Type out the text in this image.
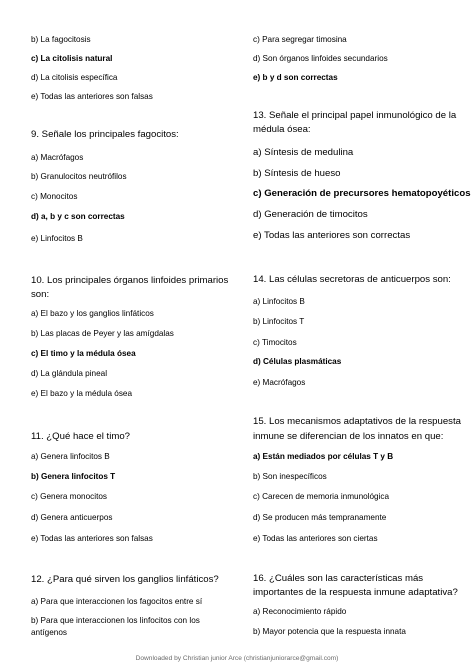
b) La fagocitosis
c) La citolisis natural
d) La citolisis específica
e) Todas las anteriores son falsas
9. Señale los principales fagocitos:
a) Macrófagos
b) Granulocitos neutrófilos
c) Monocitos
d) a, b y c son correctas
e) Linfocitos B
10. Los principales órganos linfoides primarios
son:
a) El bazo y los ganglios linfáticos
b) Las placas de Peyer y las amígdalas
c) El timo y la médula ósea
d) La glándula pineal
e) El bazo y la médula ósea
11. ¿Qué hace el timo?
a) Genera linfocitos B
b) Genera linfocitos T
c) Genera monocitos
d) Genera anticuerpos
e) Todas las anteriores son falsas
12. ¿Para qué sirven los ganglios linfáticos?
a) Para que interaccionen los fagocitos entre sí
b) Para que interaccionen los linfocitos con los
antígenos
c) Para segregar timosina
d) Son órganos linfoides secundarios
e) b y d son correctas
13. Señale el principal papel inmunológico de la
médula ósea:
a) Síntesis de medulina
b) Síntesis de hueso
c) Generación de precursores hematopoyéticos
d) Generación de timocitos
e) Todas las anteriores son correctas
14. Las células secretoras de anticuerpos son:
a) Linfocitos B
b) Linfocitos T
c) Timocitos
d) Células plasmáticas
e) Macrófagos
15. Los mecanismos adaptativos de la respuesta
inmune se diferencian de los innatos en que:
a) Están mediados por células T y B
b) Son inespecíficos
c) Carecen de memoria inmunológica
d) Se producen más tempranamente
e) Todas las anteriores son ciertas
16. ¿Cuáles son las características más
importantes de la respuesta inmune adaptativa?
a) Reconocimiento rápido
b) Mayor potencia que la respuesta innata
Downloaded by Christian junior Arce (christianjuniorarce@gmail.com)
